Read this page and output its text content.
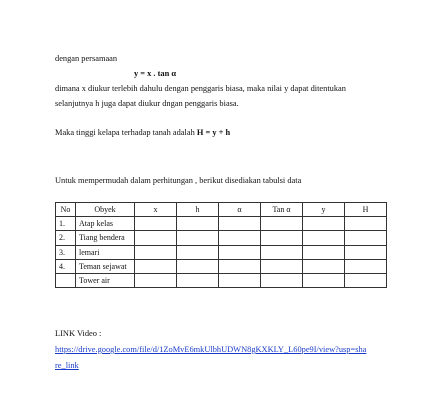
dengan persamaan
y = x . tan α
dimana x diukur terlebih dahulu dengan penggaris biasa, maka nilai y dapat ditentukan
selanjutnya h juga dapat diukur dngan penggaris biasa.
Maka tinggi kelapa terhadap tanah adalah H = y + h
Untuk mempermudah dalam perhitungan , berikut disediakan tabulsi data
No	Obyek	x	h	α	Tan α	y	H
1.	Atap kelas						
2.	Tiang bendera						
3.	lemari						
4.	Teman sejawat						
	Tower air						
LINK Video :
https://drive.google.com/file/d/1ZoMvE6mkUlbhUDWN8gKXKLY_L60pe9I/view?usp=sha
re_link
